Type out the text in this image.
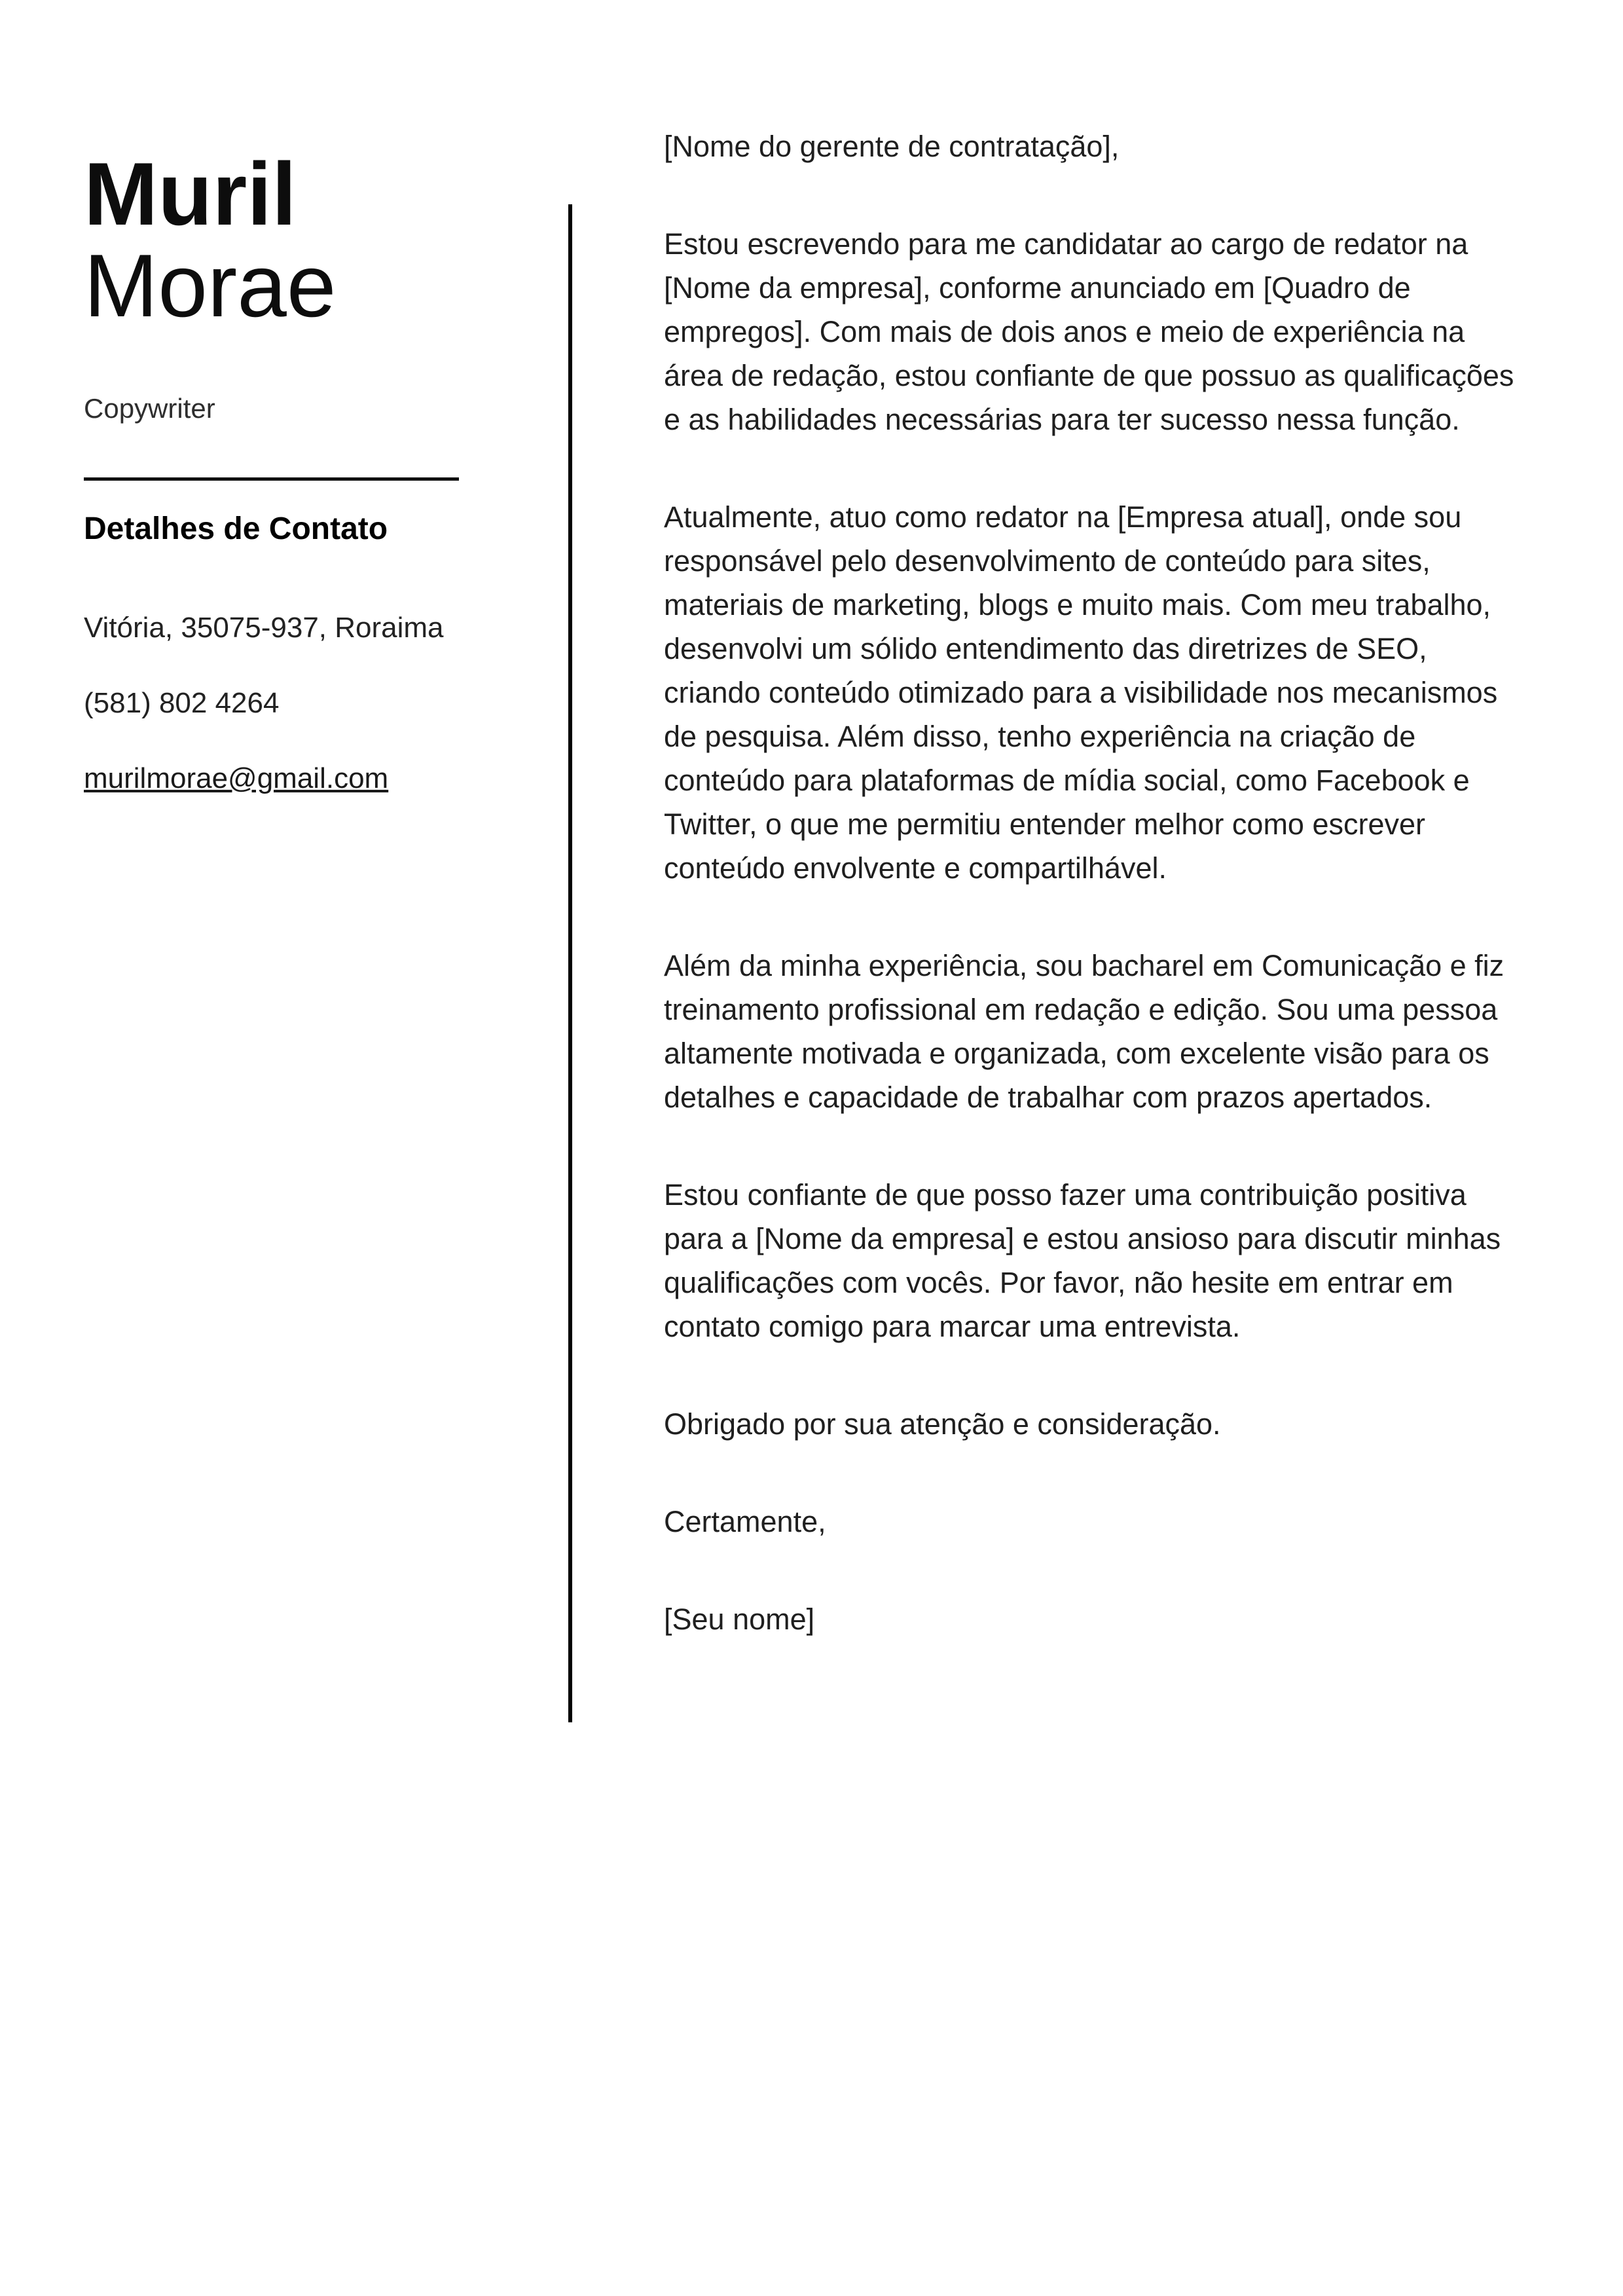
Muril
Morae
Copywriter
Detalhes de Contato
Vitória, 35075-937, Roraima
(581) 802 4264
murilmorae@gmail.com

[Nome do gerente de contratação],

Estou escrevendo para me candidatar ao cargo de redator na [Nome da empresa], conforme anunciado em [Quadro de empregos]. Com mais de dois anos e meio de experiência na área de redação, estou confiante de que possuo as qualificações e as habilidades necessárias para ter sucesso nessa função.

Atualmente, atuo como redator na [Empresa atual], onde sou responsável pelo desenvolvimento de conteúdo para sites, materiais de marketing, blogs e muito mais. Com meu trabalho, desenvolvi um sólido entendimento das diretrizes de SEO, criando conteúdo otimizado para a visibilidade nos mecanismos de pesquisa. Além disso, tenho experiência na criação de conteúdo para plataformas de mídia social, como Facebook e Twitter, o que me permitiu entender melhor como escrever conteúdo envolvente e compartilhável.

Além da minha experiência, sou bacharel em Comunicação e fiz treinamento profissional em redação e edição. Sou uma pessoa altamente motivada e organizada, com excelente visão para os detalhes e capacidade de trabalhar com prazos apertados.

Estou confiante de que posso fazer uma contribuição positiva para a [Nome da empresa] e estou ansioso para discutir minhas qualificações com vocês. Por favor, não hesite em entrar em contato comigo para marcar uma entrevista.

Obrigado por sua atenção e consideração.

Certamente,

[Seu nome]
